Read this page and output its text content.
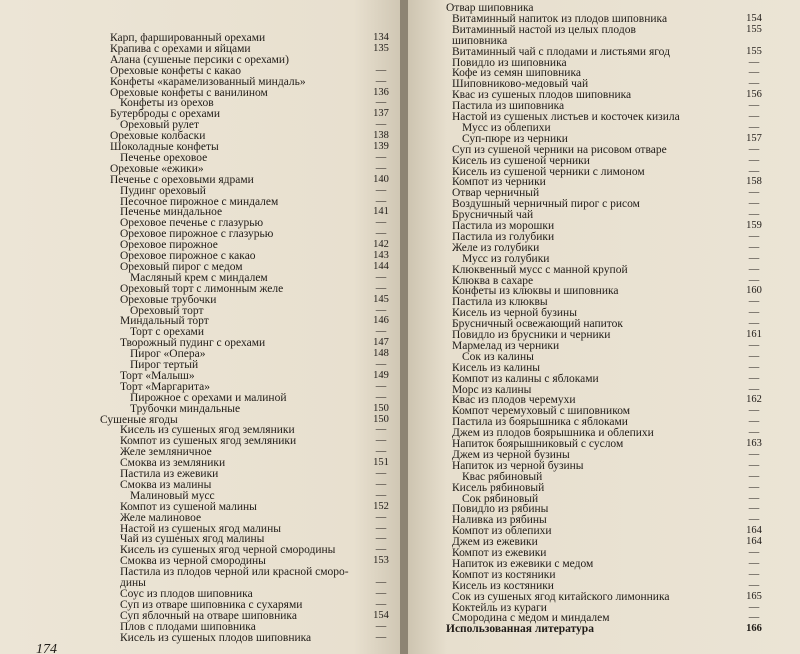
Карп, фаршированный орехами	134
Крапива с орехами и яйцами	135
Алана (сушеные персики с орехами)
Ореховые конфеты с какао	—
Конфеты «карамелизованный миндаль»	—
Ореховые конфеты с ванилином	136
Конфеты из орехов	—
Бутерброды с орехами	137
Ореховый рулет	—
Ореховые колбаски	138
Шоколадные конфеты	139
Печенье ореховое	—
Ореховые «ежики»	—
Печенье с ореховыми ядрами	140
Пудинг ореховый	—
Песочное пирожное с миндалем	—
Печенье миндальное	141
Ореховое печенье с глазурью	—
Ореховое пирожное с глазурью	—
Ореховое пирожное	142
Ореховое пирожное с какао	143
Ореховый пирог с медом	144
Масляный крем с миндалем	—
Ореховый торт с лимонным желе	—
Ореховые трубочки	145
Ореховый торт	—
Миндальный торт	146
Торт с орехами	—
Творожный пудинг с орехами	147
Пирог «Опера»	148
Пирог тертый	—
Торт «Малыш»	149
Торт «Маргарита»	—
Пирожное с орехами и малиной	—
Трубочки миндальные	150
Сушеные ягоды	150
Кисель из сушеных ягод земляники	—
Компот из сушеных ягод земляники	—
Желе земляничное	—
Смоква из земляники	151
Пастила из ежевики	—
Смоква из малины	—
Малиновый мусс	—
Компот из сушеной малины	152
Желе малиновое	—
Настой из сушеных ягод малины	—
Чай из сушеных ягод малины	—
Кисель из сушеных ягод черной смородины	—
Смоква из черной смородины	153
Пастила из плодов черной или красной сморо-
дины	—
Соус из плодов шиповника	—
Суп из отваре шиповника с сухарями	—
Суп яблочный на отваре шиповника	154
Плов с плодами шиповника	—
Кисель из сушеных плодов шиповника	—
174
Отвар шиповника
Витаминный напиток из плодов шиповника	154
Витаминный настой из целых плодов	155
шиповника
Витаминный чай с плодами и листьями ягод	155
Повидло из шиповника	—
Кофе из семян шиповника	—
Шиповниково-медовый чай	—
Квас из сушеных плодов шиповника	156
Пастила из шиповника	—
Настой из сушеных листьев и косточек кизила	—
Мусс из облепихи	—
Суп-пюре из черники	157
Суп из сушеной черники на рисовом отваре	—
Кисель из сушеной черники	—
Кисель из сушеной черники с лимоном	—
Компот из черники	158
Отвар черничный	—
Воздушный черничный пирог с рисом	—
Брусничный чай	—
Пастила из морошки	159
Пастила из голубики	—
Желе из голубики	—
Мусс из голубики	—
Клюквенный мусс с манной крупой	—
Клюква в сахаре	—
Конфеты из клюквы и шиповника	160
Пастила из клюквы	—
Кисель из черной бузины	—
Брусничный освежающий напиток	—
Повидло из брусники и черники	161
Мармелад из черники	—
Сок из калины	—
Кисель из калины	—
Компот из калины с яблоками	—
Морс из калины	—
Квас из плодов черемухи	162
Компот черемуховый с шиповником	—
Пастила из боярышника с яблоками	—
Джем из плодов боярышника и облепихи	—
Напиток боярышниковый с суслом	163
Джем из черной бузины	—
Напиток из черной бузины	—
Квас рябиновый	—
Кисель рябиновый	—
Сок рябиновый	—
Повидло из рябины	—
Наливка из рябины	—
Компот из облепихи	164
Джем из ежевики	164
Компот из ежевики	—
Напиток из ежевики с медом	—
Компот из костяники	—
Кисель из костяники	—
Сок из сушеных ягод китайского лимонника	165
Коктейль из кураги	—
Смородина с медом и миндалем	—
Использованная литература	166
